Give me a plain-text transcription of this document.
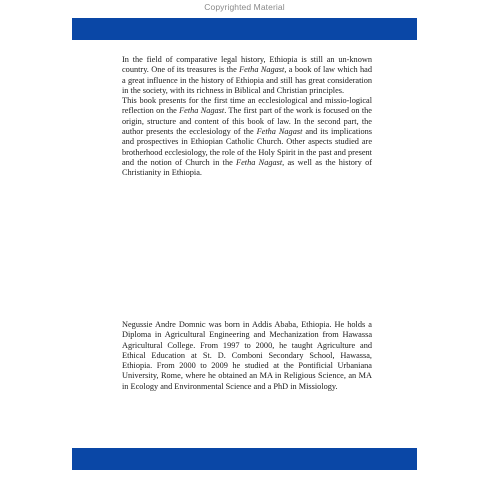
Copyrighted Material

In the field of comparative legal history, Ethiopia is still an un-known country. One of its treasures is the Fetha Nagast, a book of law which had a great influence in the history of Ethiopia and still has great consideration in the society, with its richness in Biblical and Christian principles.

This book presents for the first time an ecclesiological and missio-logical reflection on the Fetha Nagast. The first part of the work is focused on the origin, structure and content of this book of law. In the second part, the author presents the ecclesiology of the Fetha Nagast and its implications and prospectives in Ethiopian Catholic Church. Other aspects studied are brotherhood ecclesiology, the role of the Holy Spirit in the past and present and the notion of Church in the Fetha Nagast, as well as the history of Christianity in Ethiopia.

Negussie Andre Domnic was born in Addis Ababa, Ethiopia. He holds a Diploma in Agricultural Engineering and Mechanization from Hawassa Agricultural College. From 1997 to 2000, he taught Agriculture and Ethical Education at St. D. Comboni Secondary School, Hawassa, Ethiopia. From 2000 to 2009 he studied at the Pontificial Urbaniana University, Rome, where he obtained an MA in Religious Science, an MA in Ecology and Environmental Science and a PhD in Missiology.
